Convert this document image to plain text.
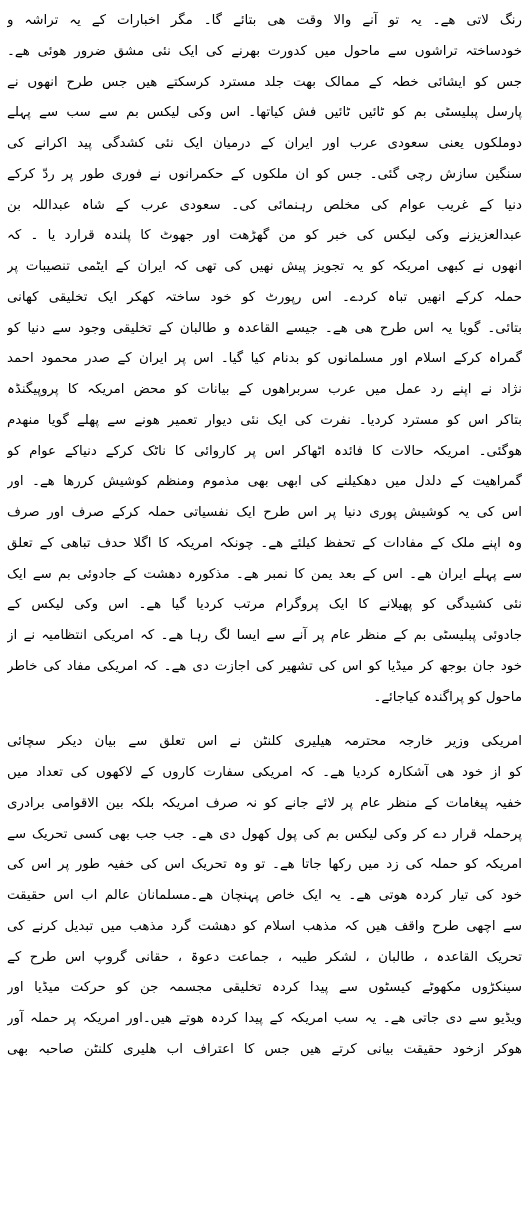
رنگ لاتی ھے۔ یہ تو آنے والا وقت ھی بتائے گا۔ مگر اخبارات کے یہ تراشہ و
خودساختہ تراشوں سے ماحول میں کدورت بھرنے کی ایک نئی مشق ضرور ھوئی ھے۔
جس کو ایشائی خطہ کے ممالک بھت جلد مسترد کرسکتے ھیں جس طرح انھوں نے
پارسل پبلیسٹی بم کو ٹائیں ٹائیں فش کیاتھا۔ اس وکی لیکس بم سے سب سے پہلے
دوملکوں یعنی سعودی عرب اور ایران کے درمیان ایک نئی کشدگی پید اکرانے کی
سنگین سازش رچی گئی۔ جس کو ان ملکوں کے حکمرانوں نے فوری طور پر ردّ کرکے
دنیا کے غریب عوام کی مخلص رہنمائی کی۔ سعودی عرب کے شاہ عبداللہ بن
عبدالعزیزنے وکی لیکس کی خبر کو من گھڑھت اور جھوٹ کا پلندہ قرارد یا ۔ کہ
انھوں نے کبھی امریکہ کو یہ تجویز پیش نھیں کی تھی کہ ایران کے ایٹمی تنصیبات پر
حملہ کرکے انھیں تباہ کردے۔ اس رپورٹ کو خود ساختہ کھکر ایک تخلیقی کھانی
بتائی۔ گویا یہ اس طرح ھی ھے۔ جیسے القاعدہ و طالبان کے تخلیقی وجود سے دنیا کو
گمراہ کرکے اسلام اور مسلمانوں کو بدنام کیا گیا۔ اس پر ایران کے صدر محمود احمد
نژاد نے اپنے رد عمل میں عرب سربراھوں کے بیانات کو محض امریکہ کا پروپیگنڈہ
بتاکر اس کو مسترد کردیا۔ نفرت کی ایک نئی دیوار تعمیر ھونے سے پھلے گویا منھدم
ھوگئی۔ امریکہ حالات کا فائدہ اٹھاکر اس پر کاروائی کا ناٹک کرکے دنیاکے عوام کو
گمراھیت کے دلدل میں دھکیلنے کی ابھی بھی مذموم ومنظم کوشیش کررھا ھے۔ اور
اس کی یہ کوشیش پوری دنیا پر اس طرح ایک نفسیاتی حملہ کرکے صرف اور صرف
وہ اپنے ملک کے مفادات کے تحفظ کیلئے ھے۔ چونکہ امریکہ کا اگلا حدف تباھی کے تعلق
سے پہلے ایران ھے۔ اس کے بعد یمن کا نمبر ھے۔ مذکورہ دھشت کے جادوئی بم سے ایک
نئی کشیدگی کو پھیلانے کا ایک پروگرام مرتب کردیا گیا ھے۔ اس وکی لیکس کے
جادوئی پبلیسٹی بم کے منظر عام پر آنے سے ایسا لگ رہا ھے۔ کہ امریکی انتظامیہ نے از
خود جان بوجھ کر میڈیا کو اس کی تشھیر کی اجازت دی ھے۔ کہ امریکی مفاد کی خاطر
ماحول کو پراگندہ کیاجائے۔
امریکی وزیر خارجہ محترمہ ھیلیری کلنٹن نے اس تعلق سے بیان دیکر سچائی
کو از خود ھی آشکارہ کردیا ھے۔ کہ امریکی سفارت کاروں کے لاکھوں کی تعداد میں
خفیہ پیغامات کے منظر عام پر لائے جانے کو نہ صرف امریکہ بلکہ بین الاقوامی برادری
پرحملہ قرار دے کر وکی لیکس بم کی پول کھول دی ھے۔ جب جب بھی کسی تحریک سے
امریکہ کو حملہ کی زد میں رکھا جاتا ھے۔ تو وہ تحریک اس کی خفیہ طور پر اس کی
خود کی تیار کردہ ھوتی ھے۔ یہ ایک خاص پہنچان ھے۔مسلمانان عالم اب اس حقیقت
سے اچھی طرح واقف ھیں کہ مذھب اسلام کو دھشت گرد مذھب میں تبدیل کرنے کی
تحریک القاعدہ ، طالبان ، لشکر طیبہ ، جماعت دعوۃ ، حقانی گروپ اس طرح کے
سینکڑوں مکھوٹے کیسٹوں سے پیدا کردہ تخلیقی مجسمہ جن کو حرکت میڈیا اور
ویڈیو سے دی جاتی ھے۔ یہ سب امریکہ کے پیدا کردہ ھوتے ھیں۔اور امریکہ پر حملہ آور
ھوکر ازخود حقیقت بیانی کرتے ھیں جس کا اعتراف اب ھلیری کلنٹن صاحبہ بھی
